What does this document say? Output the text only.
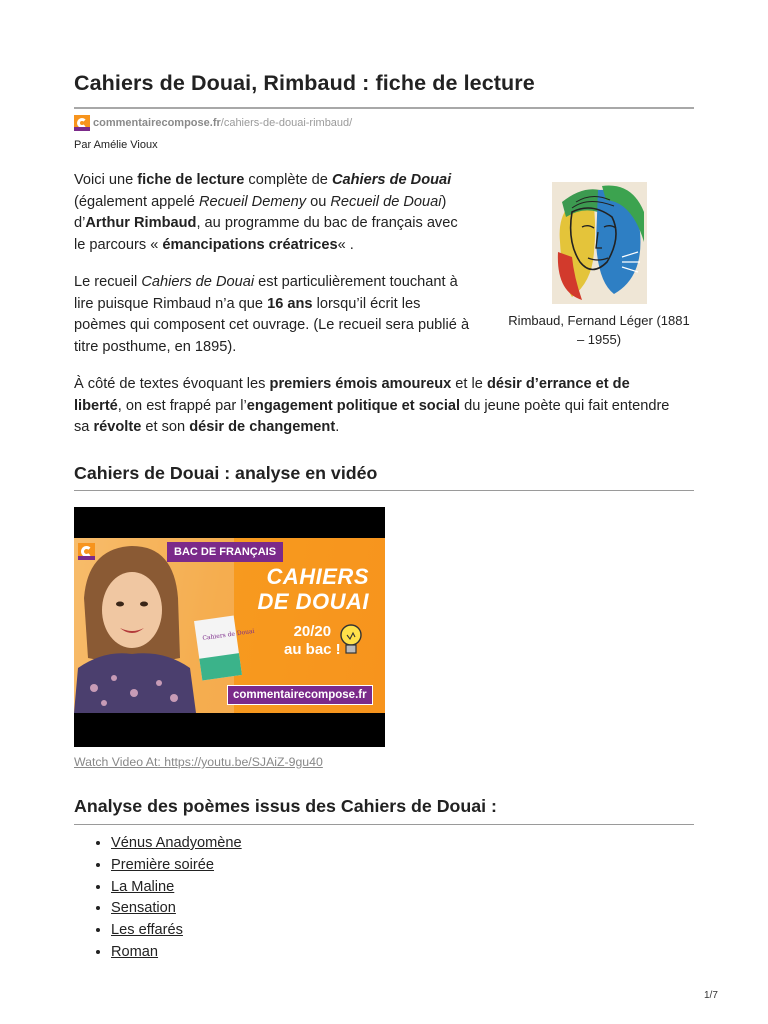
Cahiers de Douai, Rimbaud : fiche de lecture
commentairecompose.fr /cahiers-de-douai-rimbaud/
Par Amélie Vioux

Voici une fiche de lecture complète de Cahiers de Douai
(également appelé Recueil Demeny ou Recueil de Douai)
d’Arthur Rimbaud, au programme du bac de français avec
le parcours « émancipations créatrices« .

Le recueil Cahiers de Douai est particulièrement touchant à
lire puisque Rimbaud n’a que 16 ans lorsqu’il écrit les
poèmes qui composent cet ouvrage. (Le recueil sera publié à
titre posthume, en 1895).

Rimbaud, Fernand Léger (1881
– 1955)

À côté de textes évoquant les premiers émois amoureux et le désir d’errance et de
liberté, on est frappé par l’engagement politique et social du jeune poète qui fait entendre
sa révolte et son désir de changement.

Cahiers de Douai : analyse en vidéo
Cahiers de Douai
BAC DE FRANÇAIS
CAHIERS
DE DOUAI
20/20
au bac !
commentairecompose.fr
Watch Video At: https://youtu.be/SJAiZ-9gu40
Analyse des poèmes issus des Cahiers de Douai :
• Vénus Anadyomène
• Première soirée
• La Maline
• Sensation
• Les effarés
• Roman
1/7
